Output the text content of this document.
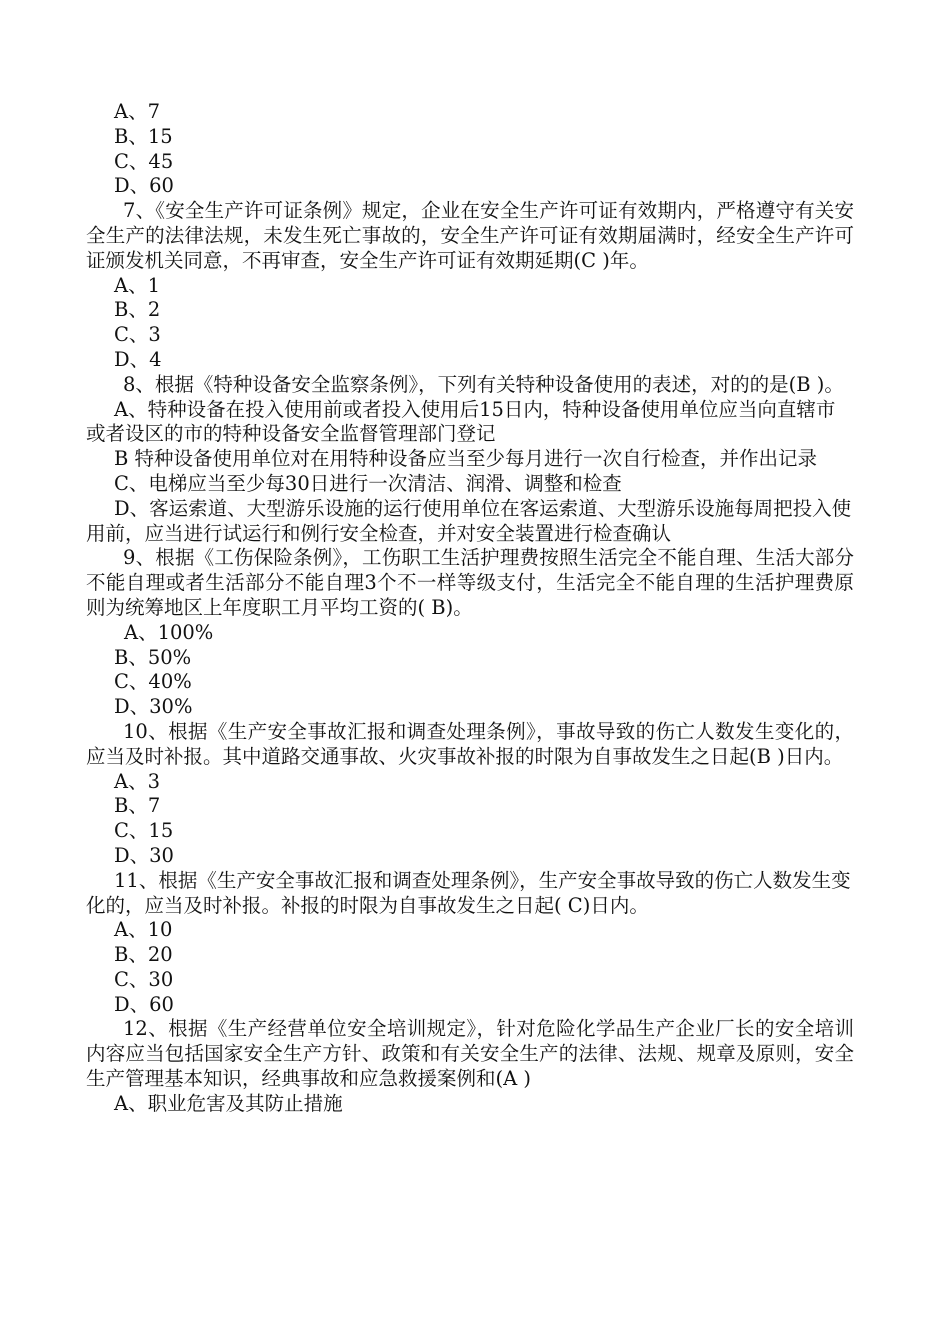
A、7
B、15
C、45
D、60
7、《安全生产许可证条例》规定，企业在安全生产许可证有效期内，严格遵守有关安全生产的法律法规，未发生死亡事故的，安全生产许可证有效期届满时，经安全生产许可证颁发机关同意，不再审查，安全生产许可证有效期延期(C )年。
A、1
B、2
C、3
D、4
8、根据《特种设备安全监察条例》，下列有关特种设备使用的表述，对的的是(B )。
A、特种设备在投入使用前或者投入使用后15日内，特种设备使用单位应当向直辖市或者设区的市的特种设备安全监督管理部门登记
B 特种设备使用单位对在用特种设备应当至少每月进行一次自行检查，并作出记录
C、电梯应当至少每30日进行一次清洁、润滑、调整和检查
D、客运索道、大型游乐设施的运行使用单位在客运索道、大型游乐设施每周把投入使用前，应当进行试运行和例行安全检查，并对安全装置进行检查确认
9、根据《工伤保险条例》，工伤职工生活护理费按照生活完全不能自理、生活大部分不能自理或者生活部分不能自理3个不一样等级支付，生活完全不能自理的生活护理费原则为统筹地区上年度职工月平均工资的( B)。
A、100%
B、50%
C、40%
D、30%
10、根据《生产安全事故汇报和调查处理条例》，事故导致的伤亡人数发生变化的，应当及时补报。其中道路交通事故、火灾事故补报的时限为自事故发生之日起(B )日内。
A、3
B、7
C、15
D、30
11、根据《生产安全事故汇报和调查处理条例》，生产安全事故导致的伤亡人数发生变化的，应当及时补报。补报的时限为自事故发生之日起( C)日内。
A、10
B、20
C、30
D、60
12、根据《生产经营单位安全培训规定》，针对危险化学品生产企业厂长的安全培训内容应当包括国家安全生产方针、政策和有关安全生产的法律、法规、规章及原则，安全生产管理基本知识，经典事故和应急救援案例和(A )
A、职业危害及其防止措施
